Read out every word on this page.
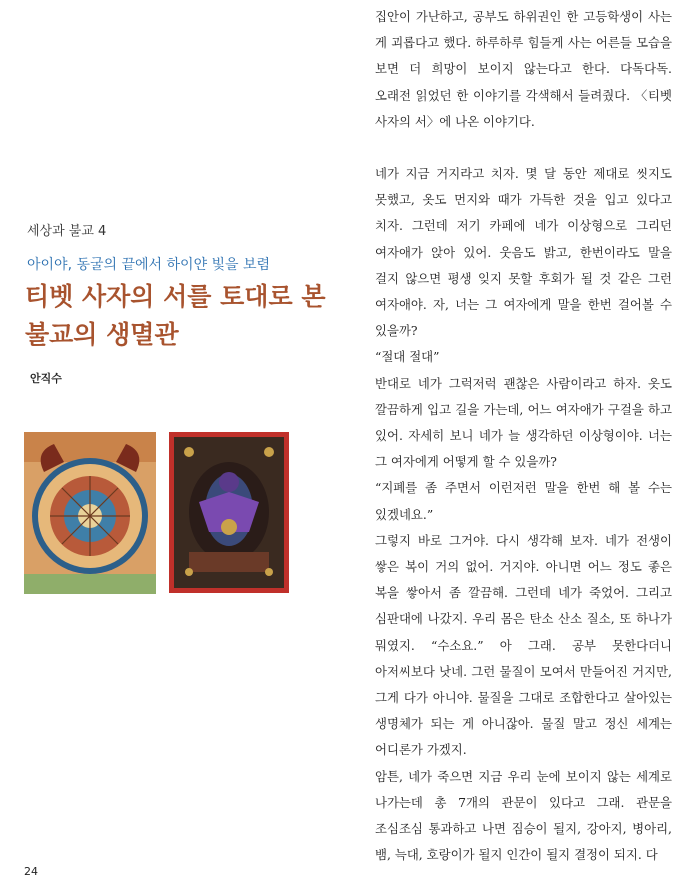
세상과 불교 4
아이야, 동굴의 끝에서 하이얀 빛을 보렴
티벳 사자의 서를 토대로 본
불교의 생멸관
안직수

집안이 가난하고, 공부도 하위권인 한 고등학생이 사는 게 괴롭다고 했다. 하루하루 힘들게 사는 어른들 모습을 보면 더 희망이 보이지 않는다고 한다. 다독다독. 오래전 읽었던 한 이야기를 각색해서 들려줬다. 〈티벳 사자의 서〉에 나온 이야기다.

네가 지금 거지라고 치자. 몇 달 동안 제대로 씻지도 못했고, 옷도 먼지와 때가 가득한 것을 입고 있다고 치자. 그런데 저기 카페에 네가 이상형으로 그리던 여자애가 앉아 있어. 웃음도 밝고, 한번이라도 말을 걸지 않으면 평생 잊지 못할 후회가 될 것 같은 그런 여자애야. 자, 너는 그 여자에게 말을 한번 걸어볼 수 있을까?

“절대 절대”

반대로 네가 그럭저럭 괜찮은 사람이라고 하자. 옷도 깔끔하게 입고 길을 가는데, 어느 여자애가 구걸을 하고 있어. 자세히 보니 네가 늘 생각하던 이상형이야. 너는 그 여자에게 어떻게 할 수 있을까?

“지폐를 좀 주면서 이런저런 말을 한번 해 볼 수는 있겠네요.”

그렇지 바로 그거야. 다시 생각해 보자. 네가 전생이 쌓은 복이 거의 없어. 거지야. 아니면 어느 정도 좋은 복을 쌓아서 좀 깔끔해. 그런데 네가 죽었어. 그리고 심판대에 나갔지. 우리 몸은 탄소 산소 질소, 또 하나가 뭐였지. “수소요.” 아 그래. 공부 못한다더니 아저씨보다 낫네. 그런 물질이 모여서 만들어진 거지만, 그게 다가 아니야. 물질을 그대로 조합한다고 살아있는 생명체가 되는 게 아니잖아. 물질 말고 정신 세계는 어디론가 가겠지.

암튼, 네가 죽으면 지금 우리 눈에 보이지 않는 세계로 나가는데 총 7개의 관문이 있다고 그래. 관문을 조심조심 통과하고 나면 짐승이 될지, 강아지, 병아리, 뱀, 늑대, 호랑이가 될지 인간이 될지 결정이 되지. 다

24
